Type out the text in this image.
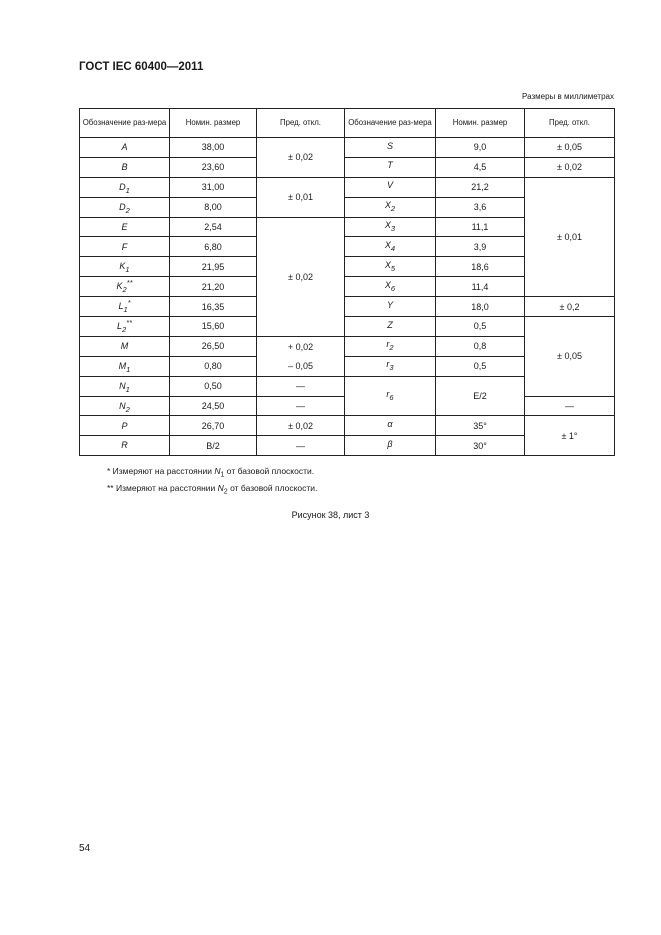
ГОСТ IEC 60400—2011
Размеры в миллиметрах
Обозначение раз-мера	Номин. размер	Пред. откл.	Обозначение раз-мера	Номин. размер	Пред. откл.
A	38,00	± 0,02	S	9,0	± 0,05
B	23,60		T	4,5	± 0,02
$D_1$	31,00	± 0,01	V	21,2	± 0,01
$D_2$	8,00		$X_2$	3,6	
E	2,54	± 0,02	$X_3$	11,1	
F	6,80		$X_4$	3,9	
$K_1$	21,95		$X_5$	18,6	
$K_2^{**}$	21,20		$X_6$	11,4	
$L_1^*$	16,35		Y	18,0	± 0,2
$L_2^{**}$	15,60		Z	0,5	± 0,05
M	26,50	+ 0,02	$r_2$	0,8	
$M_1$	0,80	– 0,05	$r_3$	0,5	
$N_1$	0,50	—	$r_6$	E/2	
$N_2$	24,50	—			—
P	26,70	± 0,02	α	35°	± 1°
R	B/2	—	β	30°	
* Измеряют на расстоянии $N_1$ от базовой плоскости.
** Измеряют на расстоянии $N_2$ от базовой плоскости.
Рисунок 38, лист 3
54
